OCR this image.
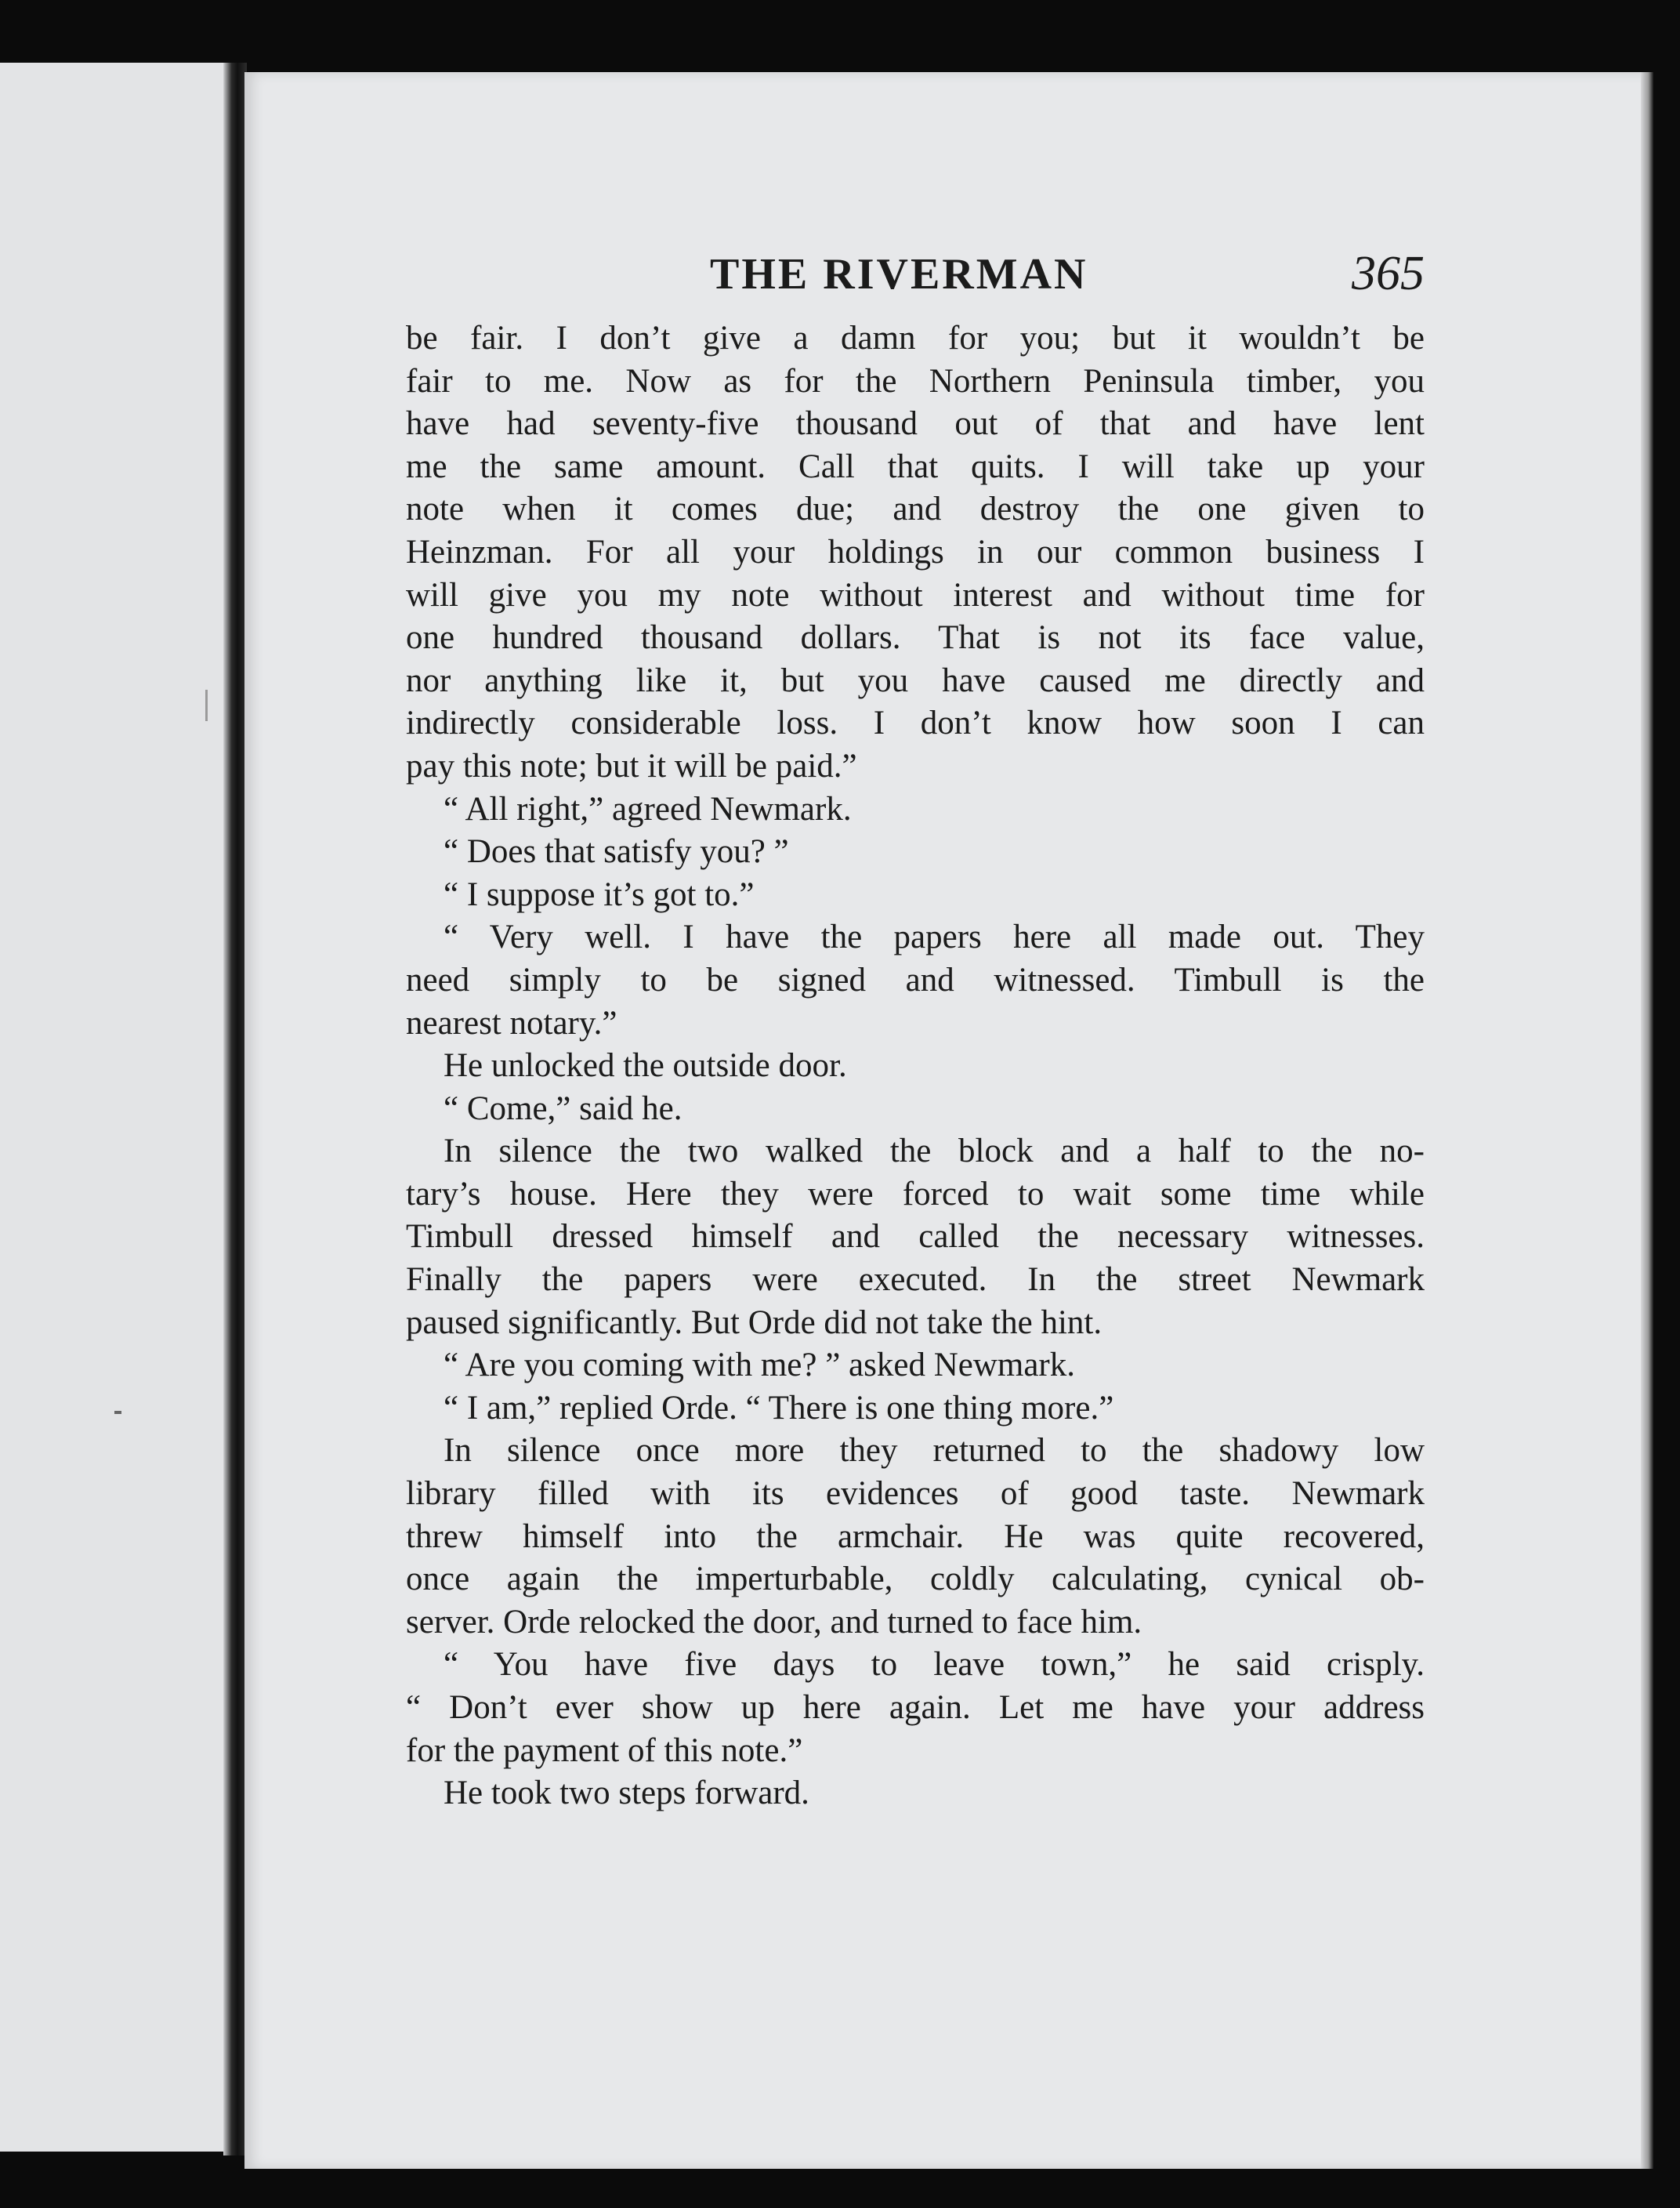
THE RIVERMAN	365

be fair. I don’t give a damn for you; but it wouldn’t be

fair to me. Now as for the Northern Peninsula timber, you

have had seventy-five thousand out of that and have lent

me the same amount. Call that quits. I will take up your

note when it comes due; and destroy the one given to

Heinzman. For all your holdings in our common business I

will give you my note without interest and without time for

one hundred thousand dollars. That is not its face value,

nor anything like it, but you have caused me directly and

indirectly considerable loss. I don’t know how soon I can

pay this note; but it will be paid.”

“ All right,” agreed Newmark.

“ Does that satisfy you? ”

“ I suppose it’s got to.”

“ Very well. I have the papers here all made out. They

need simply to be signed and witnessed. Timbull is the

nearest notary.”

He unlocked the outside door.

“ Come,” said he.

In silence the two walked the block and a half to the no-

tary’s house. Here they were forced to wait some time while

Timbull dressed himself and called the necessary witnesses.

Finally the papers were executed. In the street Newmark

paused significantly. But Orde did not take the hint.

“ Are you coming with me? ” asked Newmark.

“ I am,” replied Orde. “ There is one thing more.”

In silence once more they returned to the shadowy low

library filled with its evidences of good taste. Newmark

threw himself into the armchair. He was quite recovered,

once again the imperturbable, coldly calculating, cynical ob-

server. Orde relocked the door, and turned to face him.

“ You have five days to leave town,” he said crisply.

“ Don’t ever show up here again. Let me have your address

for the payment of this note.”

He took two steps forward.
